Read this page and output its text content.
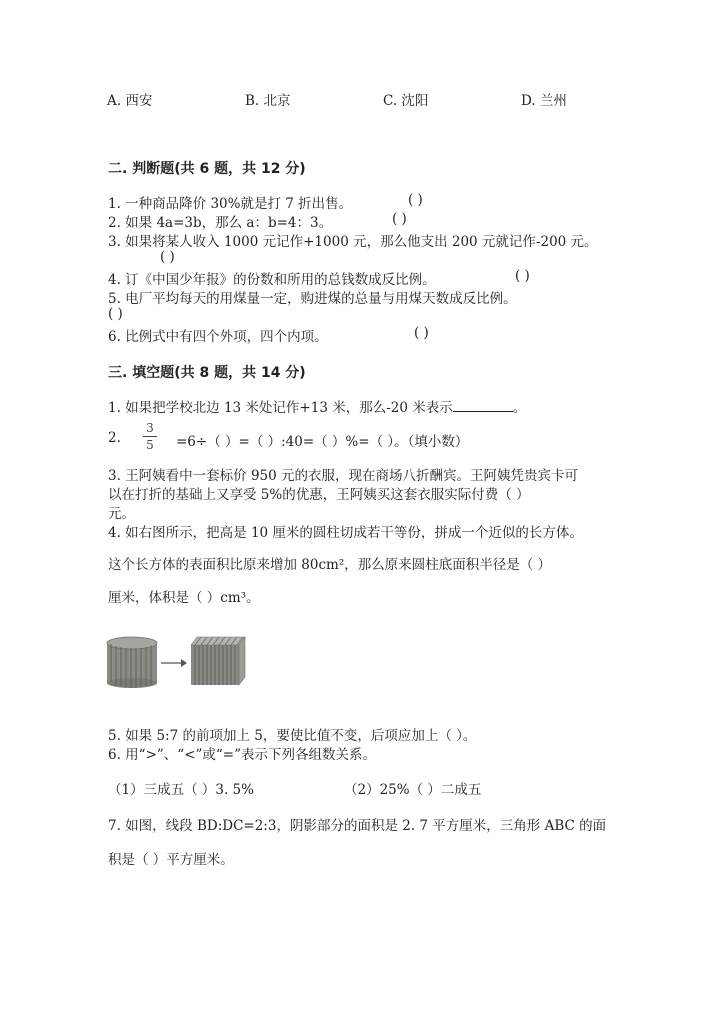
A. 西安	B. 北京	C. 沈阳	D. 兰州
二. 判断题(共 6 题，共 12 分)
1. 一种商品降价 30%就是打 7 折出售。	( )
2. 如果 4a=3b，那么 a：b=4：3。	( )
3. 如果将某人收入 1000 元记作+1000 元，那么他支出 200 元就记作-200 元。
( )
4. 订《中国少年报》的份数和所用的总钱数成反比例。	( )
5. 电厂平均每天的用煤量一定，购进煤的总量与用煤天数成反比例。
( )
6. 比例式中有四个外项，四个内项。	( )
三. 填空题(共 8 题，共 14 分)
1. 如果把学校北边 13 米处记作+13 米，那么-20 米表示	。
2.
3
5 =6÷（ ）=（ ）:40=（ ）%=（ ）。（填小数）
3. 王阿姨看中一套标价 950 元的衣服，现在商场八折酬宾。王阿姨凭贵宾卡可
以在打折的基础上又享受 5%的优惠，王阿姨买这套衣服实际付费（ ）
元。
4. 如右图所示，把高是 10 厘米的圆柱切成若干等份，拼成一个近似的长方体。
这个长方体的表面积比原来增加 80cm²，那么原来圆柱底面积半径是（ ）
厘米，体积是（ ）cm³。
5. 如果 5:7 的前项加上 5，要使比值不变，后项应加上（ ）。
6. 用“>”、“<”或“=”表示下列各组数关系。
（1）三成五（ ）3. 5%	（2）25%（ ）二成五
7. 如图，线段 BD:DC=2:3，阴影部分的面积是 2. 7 平方厘米，三角形 ABC 的面
积是（ ）平方厘米。
